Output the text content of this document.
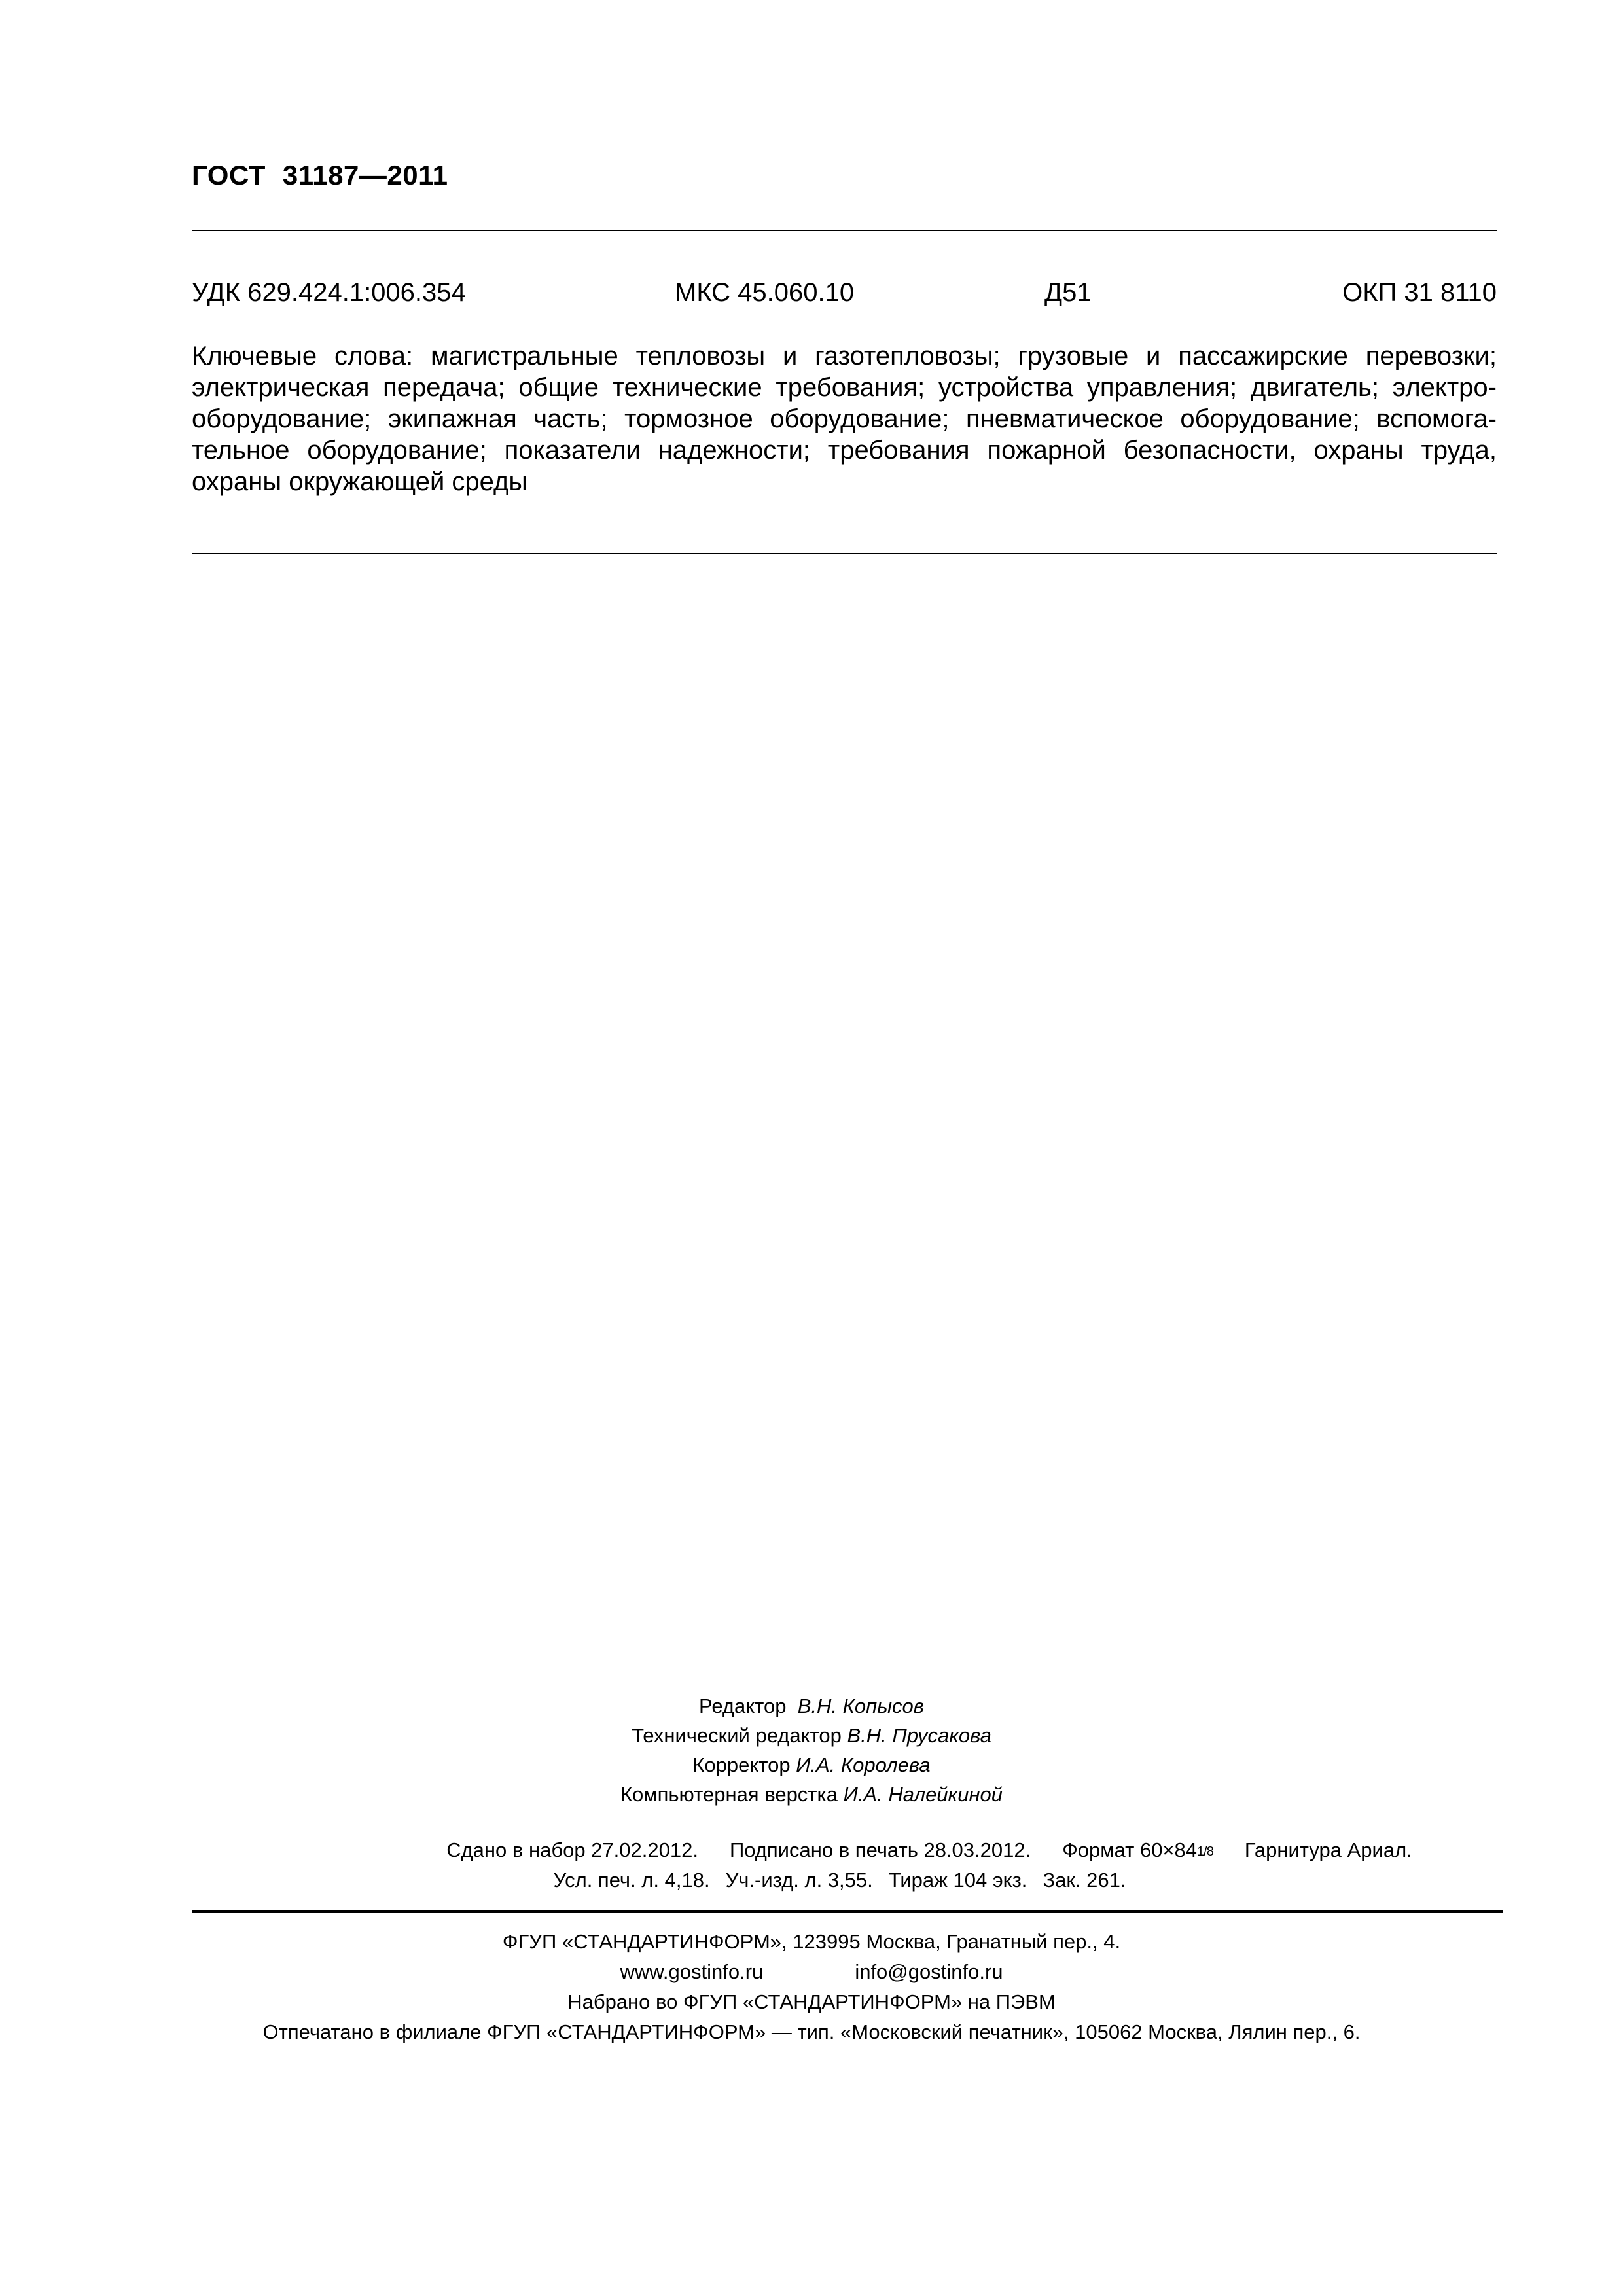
ГОСТ 31187—2011
УДК 629.424.1:006.354	МКС 45.060.10	Д51	ОКП 31 8110
Ключевые слова: магистральные тепловозы и газотепловозы; грузовые и пассажирские перевозки; электрическая передача; общие технические требования; устройства управления; двигатель; электрооборудование; экипажная часть; тормозное оборудование; пневматическое оборудование; вспомогательное оборудование; показатели надежности; требования пожарной безопасности, охраны труда, охраны окружающей среды
Редактор В.Н. Копысов
Технический редактор В.Н. Прусакова
Корректор И.А. Королева
Компьютерная верстка И.А. Налейкиной
Сдано в набор 27.02.2012. Подписано в печать 28.03.2012. Формат 60×841/8 Гарнитура Ариал.
Усл. печ. л. 4,18. Уч.-изд. л. 3,55. Тираж 104 экз. Зак. 261.
ФГУП «СТАНДАРТИНФОРМ», 123995 Москва, Гранатный пер., 4.
www.gostinfo.ru	info@gostinfo.ru
Набрано во ФГУП «СТАНДАРТИНФОРМ» на ПЭВМ
Отпечатано в филиале ФГУП «СТАНДАРТИНФОРМ» — тип. «Московский печатник», 105062 Москва, Лялин пер., 6.
